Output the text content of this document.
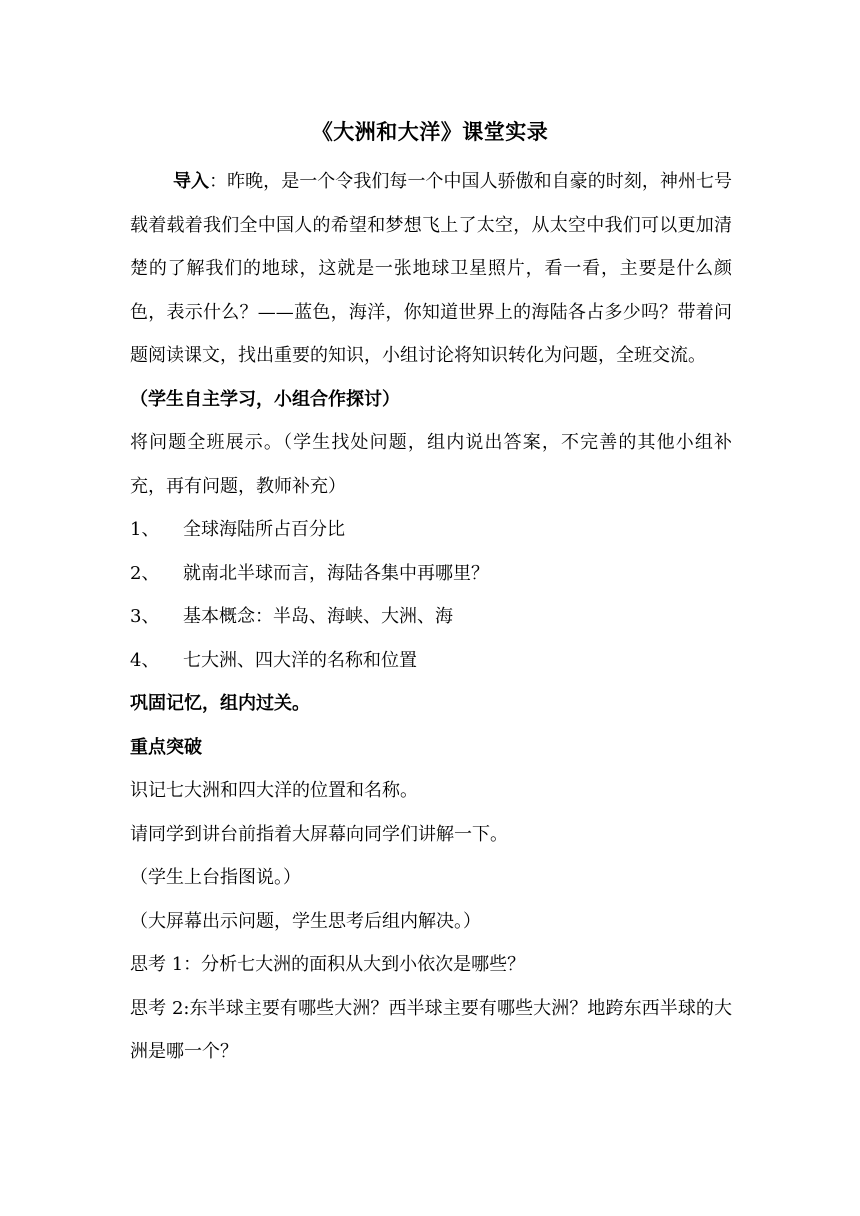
《大洲和大洋》课堂实录

导入：昨晚，是一个令我们每一个中国人骄傲和自豪的时刻，神州七号载着载着我们全中国人的希望和梦想飞上了太空，从太空中我们可以更加清楚的了解我们的地球，这就是一张地球卫星照片，看一看，主要是什么颜色，表示什么？——蓝色，海洋，你知道世界上的海陆各占多少吗？带着问题阅读课文，找出重要的知识，小组讨论将知识转化为问题，全班交流。

（学生自主学习，小组合作探讨）

将问题全班展示。（学生找处问题，组内说出答案，不完善的其他小组补充，再有问题，教师补充）

1、	全球海陆所占百分比
2、	就南北半球而言，海陆各集中再哪里？
3、	基本概念：半岛、海峡、大洲、海
4、	七大洲、四大洋的名称和位置

巩固记忆，组内过关。

重点突破

识记七大洲和四大洋的位置和名称。

请同学到讲台前指着大屏幕向同学们讲解一下。

（学生上台指图说。）

（大屏幕出示问题，学生思考后组内解决。）

思考 1：分析七大洲的面积从大到小依次是哪些？

思考 2:东半球主要有哪些大洲？西半球主要有哪些大洲？地跨东西半球的大洲是哪一个？
